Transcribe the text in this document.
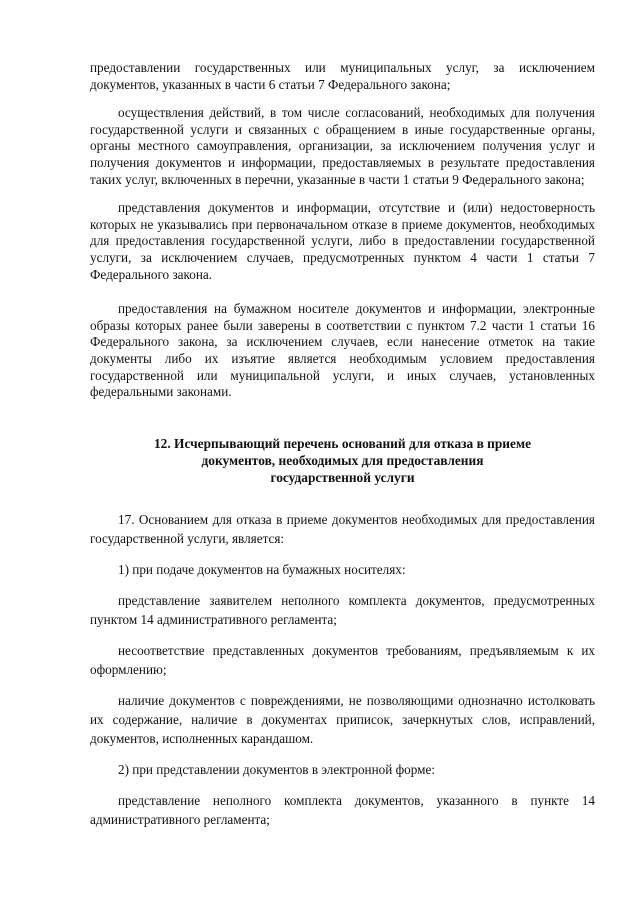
предоставлении государственных или муниципальных услуг, за исключением документов, указанных в части 6 статьи 7 Федерального закона;

осуществления действий, в том числе согласований, необходимых для получения государственной услуги и связанных с обращением в иные государственные органы, органы местного самоуправления, организации, за исключением получения услуг и получения документов и информации, предоставляемых в результате предоставления таких услуг, включенных в перечни, указанные в части 1 статьи 9 Федерального закона;

представления документов и информации, отсутствие и (или) недостоверность которых не указывались при первоначальном отказе в приеме документов, необходимых для предоставления государственной услуги, либо в предоставлении государственной услуги, за исключением случаев, предусмотренных пунктом 4 части 1 статьи 7 Федерального закона.

предоставления на бумажном носителе документов и информации, электронные образы которых ранее были заверены в соответствии с пунктом 7.2 части 1 статьи 16 Федерального закона, за исключением случаев, если нанесение отметок на такие документы либо их изъятие является необходимым условием предоставления государственной или муниципальной услуги, и иных случаев, установленных федеральными законами.

12. Исчерпывающий перечень оснований для отказа в приеме
документов, необходимых для предоставления
государственной услуги

17. Основанием для отказа в приеме документов необходимых для предоставления государственной услуги, является:

1) при подаче документов на бумажных носителях:

представление заявителем неполного комплекта документов, предусмотренных пунктом 14 административного регламента;

несоответствие представленных документов требованиям, предъявляемым к их оформлению;

наличие документов с повреждениями, не позволяющими однозначно истолковать их содержание, наличие в документах приписок, зачеркнутых слов, исправлений, документов, исполненных карандашом.

2) при представлении документов в электронной форме:

представление неполного комплекта документов, указанного в пункте 14 административного регламента;
